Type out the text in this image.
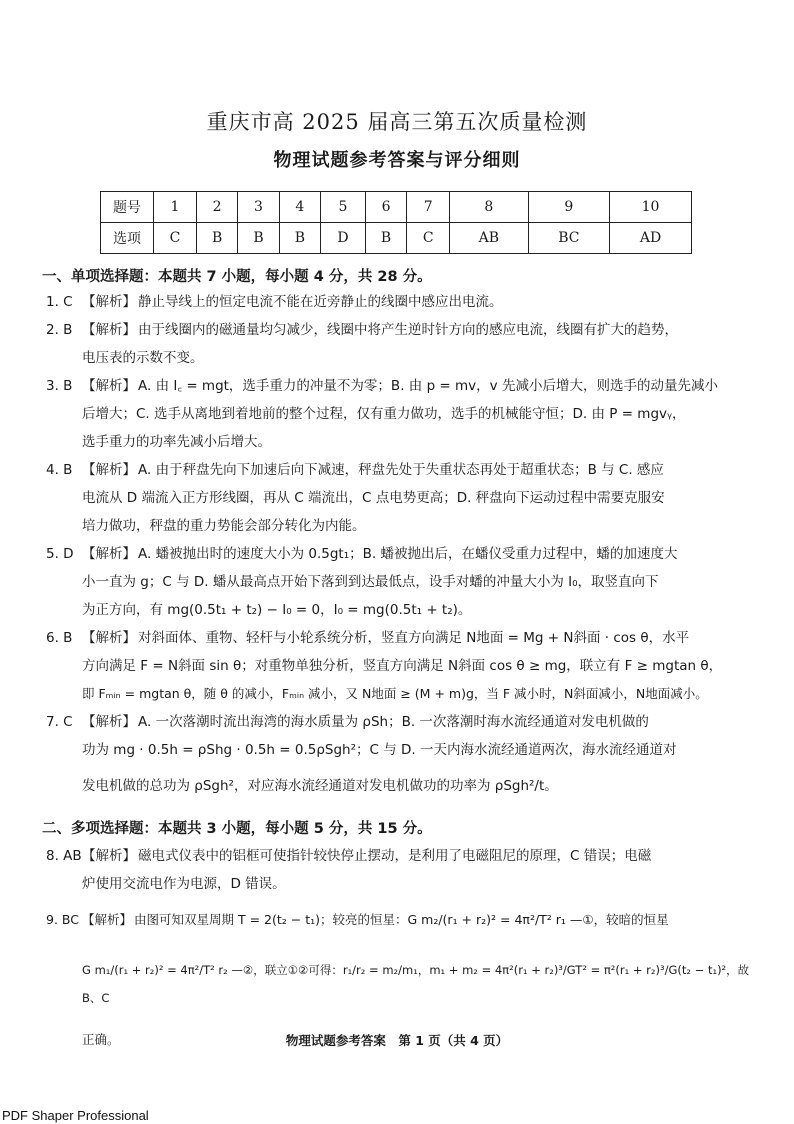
重庆市高 2025 届高三第五次质量检测
物理试题参考答案与评分细则
题号	1	2	3	4	5	6	7	8	9	10
选项	C	B	B	B	D	B	C	AB	BC	AD
一、单项选择题：本题共 7 小题，每小题 4 分，共 28 分。
1. C 【解析】 静止导线上的恒定电流不能在近旁静止的线圈中感应出电流。
2. B 【解析】 由于线圈内的磁通量均匀减少，线圈中将产生逆时针方向的感应电流，线圈有扩大的趋势，
电压表的示数不变。
3. B 【解析】 A. 由 I꜀ = mgt，选手重力的冲量不为零；B. 由 p = mv，v 先减小后增大，则选手的动量先减小
后增大；C. 选手从离地到着地前的整个过程，仅有重力做功，选手的机械能守恒；D. 由 P = mgvᵧ，
选手重力的功率先减小后增大。
4. B 【解析】 A. 由于秤盘先向下加速后向下减速，秤盘先处于失重状态再处于超重状态；B 与 C. 感应
电流从 D 端流入正方形线圈，再从 C 端流出，C 点电势更高；D. 秤盘向下运动过程中需要克服安
培力做功，秤盘的重力势能会部分转化为内能。
5. D 【解析】 A. 蟠被抛出时的速度大小为 0.5gt₁；B. 蟠被抛出后，在蟠仪受重力过程中，蟠的加速度大
小一直为 g；C 与 D. 蟠从最高点开始下落到到达最低点，设手对蟠的冲量大小为 I₀，取竖直向下
为正方向，有 mg(0.5t₁ + t₂) − I₀ = 0，I₀ = mg(0.5t₁ + t₂)。
6. B 【解析】 对斜面体、重物、轻杆与小轮系统分析，竖直方向满足 N地面 = Mg + N斜面 · cos θ，水平
方向满足 F = N斜面 sin θ；对重物单独分析，竖直方向满足 N斜面 cos θ ≥ mg，联立有 F ≥ mgtan θ，
即 Fₘᵢₙ = mgtan θ，随 θ 的减小，Fₘᵢₙ 减小，又 N地面 ≥ (M + m)g，当 F 减小时，N斜面减小，N地面减小。
7. C 【解析】 A. 一次落潮时流出海湾的海水质量为 ρSh；B. 一次落潮时海水流经通道对发电机做的
功为 mg · 0.5h = ρShg · 0.5h = 0.5ρSgh²；C 与 D. 一天内海水流经通道两次，海水流经通道对
发电机做的总功为 ρSgh²，对应海水流经通道对发电机做功的功率为 ρSgh²/t。
二、多项选择题：本题共 3 小题，每小题 5 分，共 15 分。
8. AB【解析】 磁电式仪表中的铝框可使指针较快停止摆动，是利用了电磁阻尼的原理，C 错误；电磁
炉使用交流电作为电源，D 错误。
9. BC 【解析】 由图可知双星周期 T = 2(t₂ − t₁)；较亮的恒星：G m₂/(r₁ + r₂)² = 4π²/T² r₁ —①，较暗的恒星
G m₁/(r₁ + r₂)² = 4π²/T² r₂ —②，联立①②可得：r₁/r₂ = m₂/m₁，m₁ + m₂ = 4π²(r₁ + r₂)³/GT² = π²(r₁ + r₂)³/G(t₂ − t₁)²，故 B、C
正确。	物理试题参考答案　第 1 页（共 4 页）
PDF Shaper Professional
